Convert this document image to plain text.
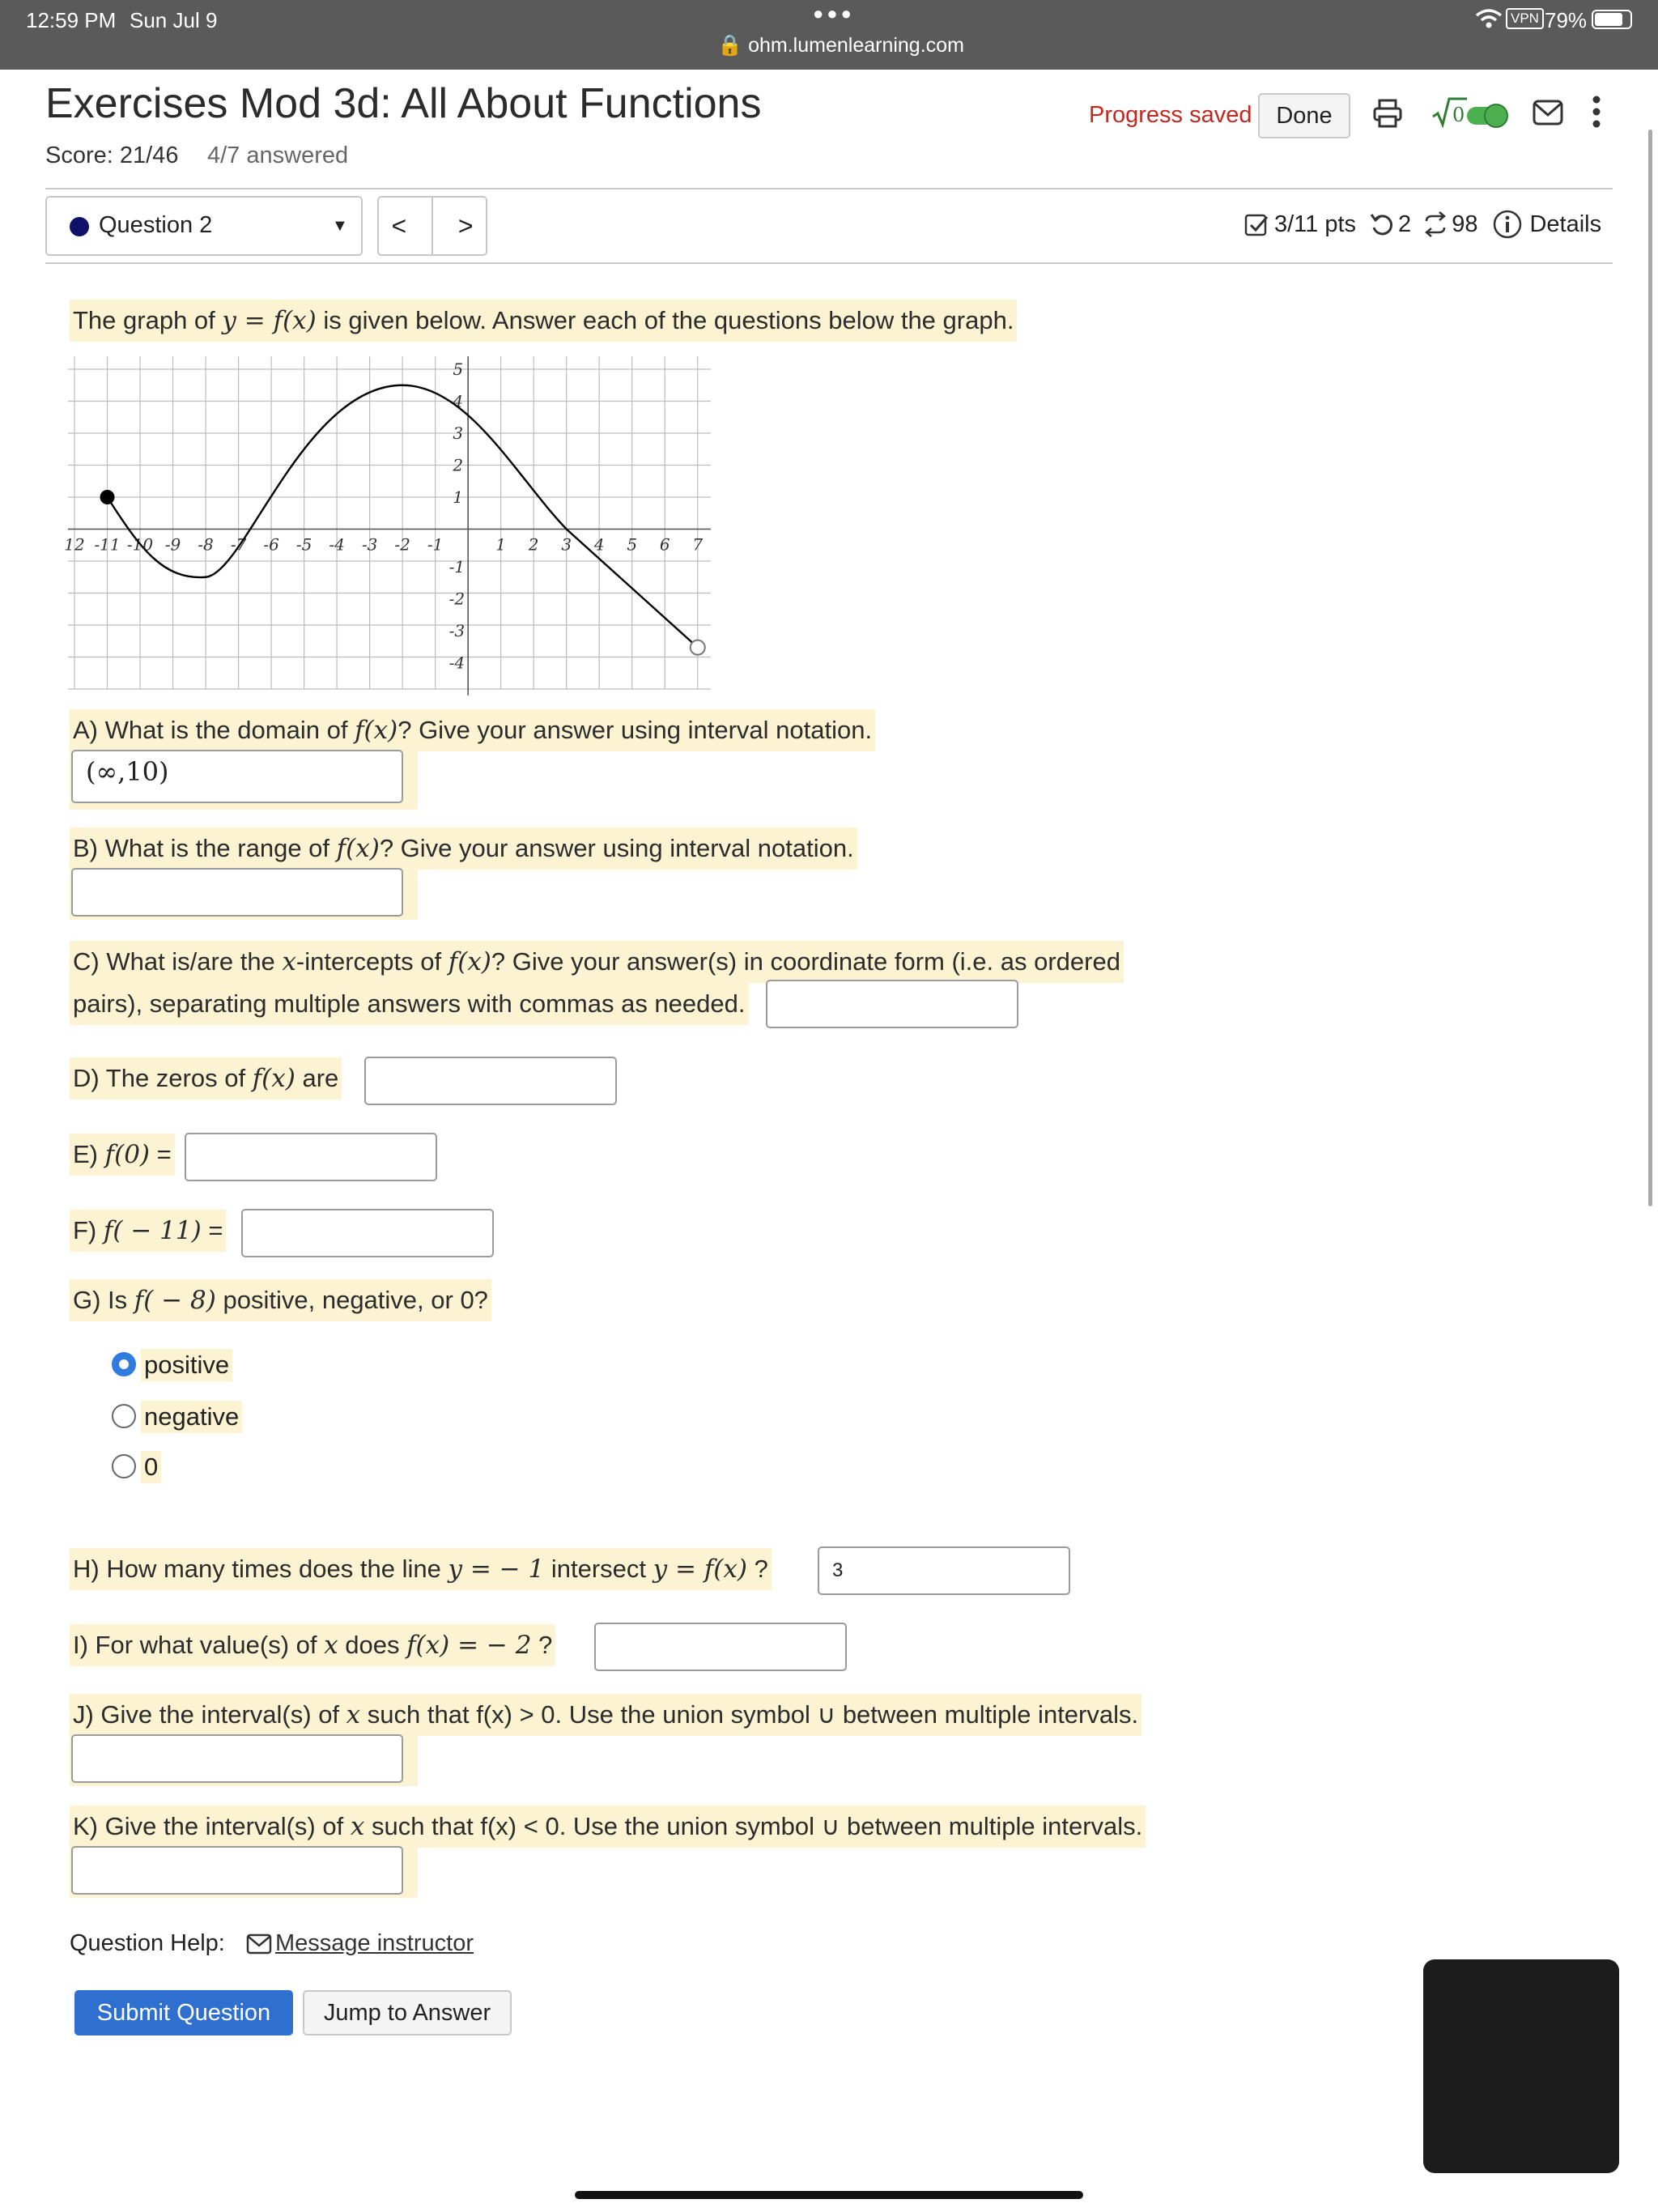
12:59 PM Sun Jul 9	●●●
🔒 ohm.lumenlearning.com
VPN 79%
Exercises Mod 3d: All About Functions
Score: 21/46 4/7 answered
Progress saved	Done	0
Question 2	▼ < >	3/11 pts 2 98 Details
The graph of y = f(x) is given below. Answer each of the questions below the graph.
12 -11 -10 -9 -8 -7 -6 -5 -4 -3 -2 -1	1 2 3 4 5 6 7
5
4
3
2
1
-1
-2
-3
-4
A) What is the domain of f(x)? Give your answer using interval notation.
(∞,10)
B) What is the range of f(x)? Give your answer using interval notation.
C) What is/are the x-intercepts of f(x)? Give your answer(s) in coordinate form (i.e. as ordered
pairs), separating multiple answers with commas as needed.
D) The zeros of f(x) are
E) f(0) =
F) f( − 11) =
G) Is f( − 8) positive, negative, or 0?
positive
negative
0
H) How many times does the line y = − 1 intersect y = f(x) ?	3
I) For what value(s) of x does f(x) = − 2 ?
J) Give the interval(s) of x such that f(x) > 0. Use the union symbol ∪ between multiple intervals.
K) Give the interval(s) of x such that f(x) < 0. Use the union symbol ∪ between multiple intervals.
Question Help: Message instructor
Submit Question	Jump to Answer
